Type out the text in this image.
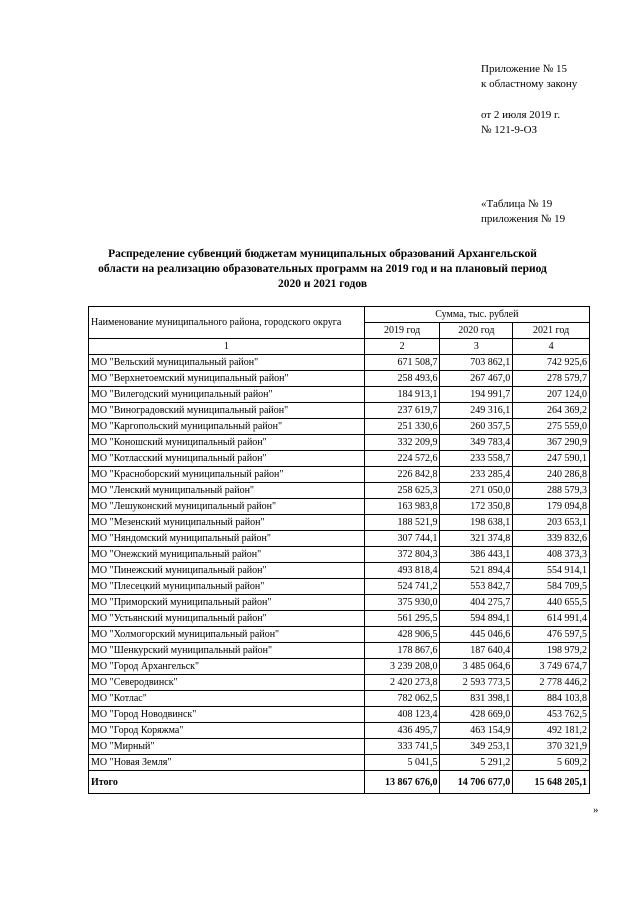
Приложение № 15
к областному закону
от 2 июля 2019 г.
№ 121-9-ОЗ
«Таблица № 19
приложения № 19
Распределение субвенций бюджетам муниципальных образований Архангельской
области на реализацию образовательных программ на 2019 год и на плановый период
2020 и 2021 годов
Наименование муниципального района, городского округа	Сумма, тыс. рублей		
	2019 год	2020 год	2021 год
1	2	3	4
МО "Вельский муниципальный район"	671 508,7	703 862,1	742 925,6
МО "Верхнетоемский муниципальный район"	258 493,6	267 467,0	278 579,7
МО "Вилегодский муниципальный район"	184 913,1	194 991,7	207 124,0
МО "Виноградовский муниципальный район"	237 619,7	249 316,1	264 369,2
МО "Каргопольский муниципальный район"	251 330,6	260 357,5	275 559,0
МО "Коношский муниципальный район"	332 209,9	349 783,4	367 290,9
МО "Котласский муниципальный район"	224 572,6	233 558,7	247 590,1
МО "Красноборский муниципальный район"	226 842,8	233 285,4	240 286,8
МО "Ленский муниципальный район"	258 625,3	271 050,0	288 579,3
МО "Лешуконский муниципальный район"	163 983,8	172 350,8	179 094,8
МО "Мезенский муниципальный район"	188 521,9	198 638,1	203 653,1
МО "Няндомский муниципальный район"	307 744,1	321 374,8	339 832,6
МО "Онежский муниципальный район"	372 804,3	386 443,1	408 373,3
МО "Пинежский муниципальный район"	493 818,4	521 894,4	554 914,1
МО "Плесецкий муниципальный район"	524 741,2	553 842,7	584 709,5
МО "Приморский муниципальный район"	375 930,0	404 275,7	440 655,5
МО "Устьянский муниципальный район"	561 295,5	594 894,1	614 991,4
МО "Холмогорский муниципальный район"	428 906,5	445 046,6	476 597,5
МО "Шенкурский муниципальный район"	178 867,6	187 640,4	198 979,2
МО "Город Архангельск"	3 239 208,0	3 485 064,6	3 749 674,7
МО "Северодвинск"	2 420 273,8	2 593 773,5	2 778 446,2
МО "Котлас"	782 062,5	831 398,1	884 103,8
МО "Город Новодвинск"	408 123,4	428 669,0	453 762,5
МО "Город Коряжма"	436 495,7	463 154,9	492 181,2
МО "Мирный"	333 741,5	349 253,1	370 321,9
МО "Новая Земля"	5 041,5	5 291,2	5 609,2
Итого	13 867 676,0	14 706 677,0	15 648 205,1
»
